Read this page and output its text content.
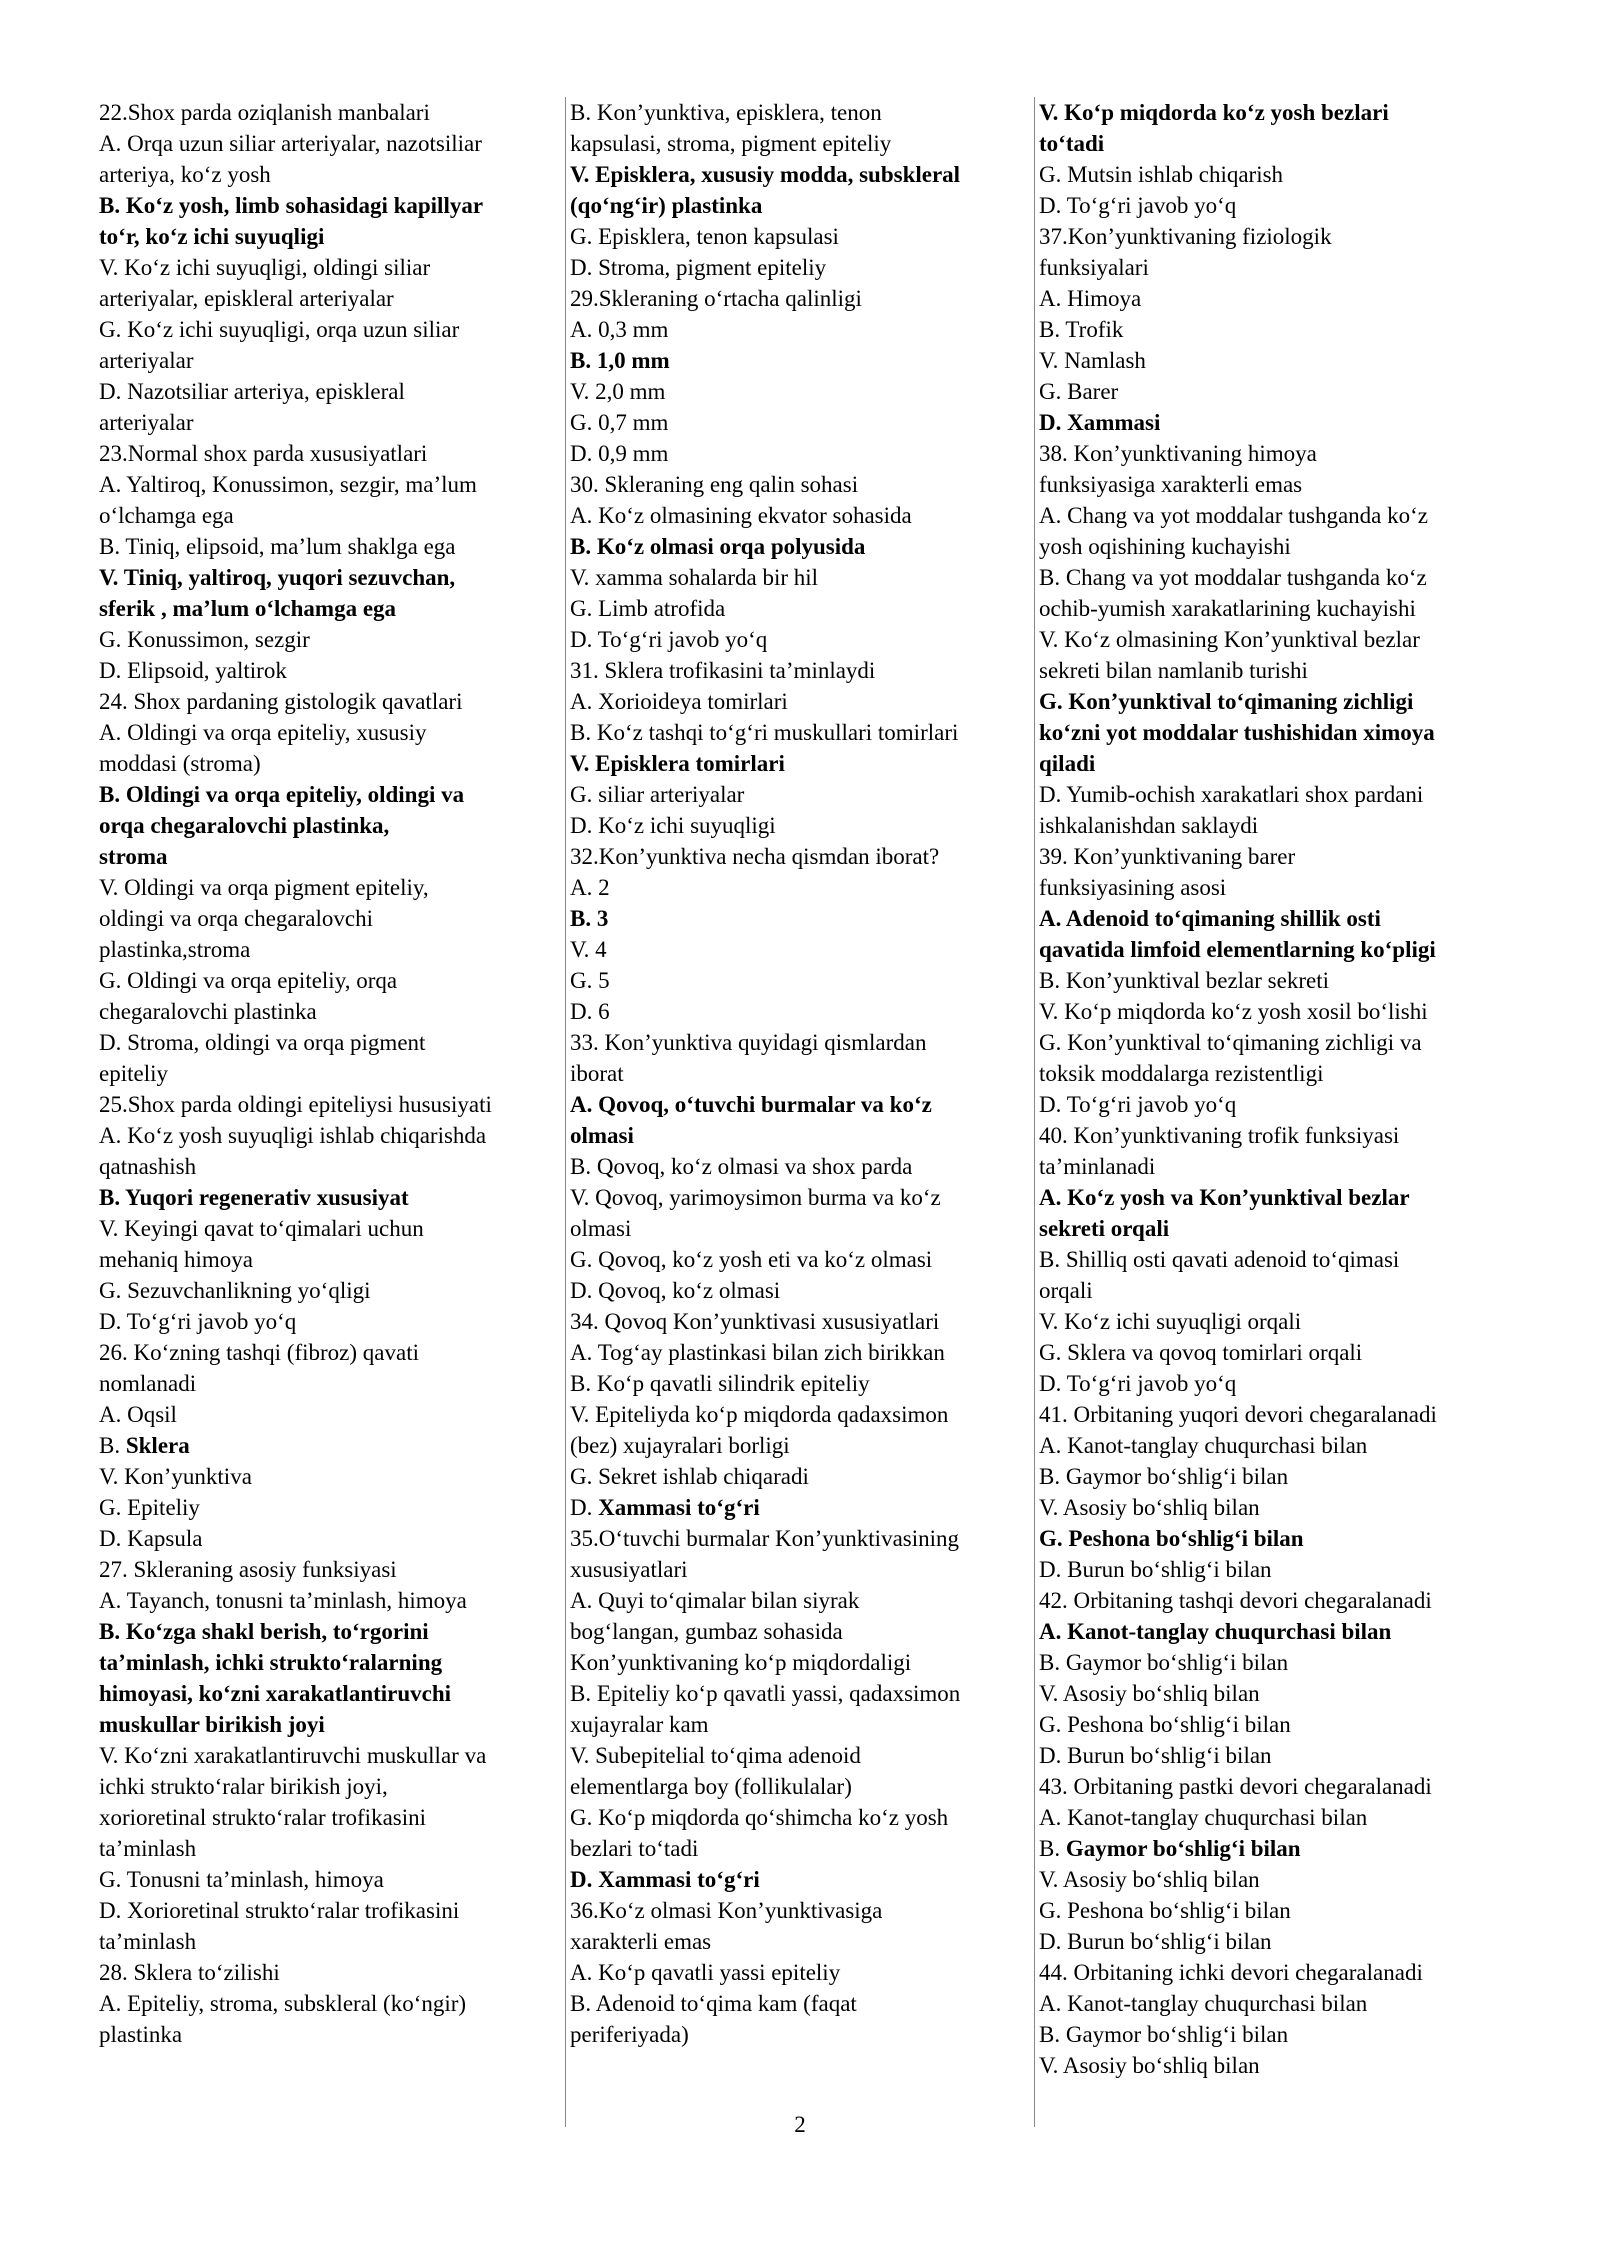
22.Shox parda oziqlanish manbalari

A. Orqa uzun siliar arteriyalar, nazotsiliar

arteriya, koʻz yosh

B. Koʻz yosh, limb sohasidagi kapillyar

toʻr, koʻz ichi suyuqligi

V. Koʻz ichi suyuqligi, oldingi siliar

arteriyalar, episkleral arteriyalar

G. Koʻz ichi suyuqligi, orqa uzun siliar

arteriyalar

D. Nazotsiliar arteriya, episkleral

arteriyalar

23.Normal shox parda xususiyatlari

A. Yaltiroq, Konussimon, sezgir, ma’lum

oʻlchamga ega

B. Tiniq, elipsoid, ma’lum shaklga ega

V. Tiniq, yaltiroq, yuqori sezuvchan,

sferik , ma’lum oʻlchamga ega

G. Konussimon, sezgir

D. Elipsoid, yaltirok

24. Shox pardaning gistologik qavatlari

A. Oldingi va orqa epiteliy, xususiy

moddasi (stroma)

B. Oldingi va orqa epiteliy, oldingi va

orqa chegaralovchi plastinka,

stroma

V. Oldingi va orqa pigment epiteliy,

oldingi va orqa chegaralovchi

plastinka,stroma

G. Oldingi va orqa epiteliy, orqa

chegaralovchi plastinka

D. Stroma, oldingi va orqa pigment

epiteliy

25.Shox parda oldingi epiteliysi hususiyati

A. Koʻz yosh suyuqligi ishlab chiqarishda

qatnashish

B. Yuqori regenerativ xususiyat

V. Keyingi qavat toʻqimalari uchun

mehaniq himoya

G. Sezuvchanlikning yoʻqligi

D. Toʻgʻri javob yoʻq

26. Koʻzning tashqi (fibroz) qavati

nomlanadi

A. Oqsil

B. Sklera

V. Kon’yunktiva

G. Epiteliy

D. Kapsula

27. Skleraning asosiy funksiyasi

A. Tayanch, tonusni ta’minlash, himoya

B. Koʻzga shakl berish, toʻrgorini

ta’minlash, ichki struktoʻralarning

himoyasi, koʻzni xarakatlantiruvchi

muskullar birikish joyi

V. Koʻzni xarakatlantiruvchi muskullar va

ichki struktoʻralar birikish joyi,

xorioretinal struktoʻralar trofikasini

ta’minlash

G. Tonusni ta’minlash, himoya

D. Xorioretinal struktoʻralar trofikasini

ta’minlash

28. Sklera toʻzilishi

A. Epiteliy, stroma, subskleral (koʻngir)

plastinka

B. Kon’yunktiva, episklera, tenon

kapsulasi, stroma, pigment epiteliy

V. Episklera, xususiy modda, subskleral

(qoʻngʻir) plastinka

G. Episklera, tenon kapsulasi

D. Stroma, pigment epiteliy

29.Skleraning oʻrtacha qalinligi

A. 0,3 mm

B. 1,0 mm

V. 2,0 mm

G. 0,7 mm

D. 0,9 mm

30. Skleraning eng qalin sohasi

A. Koʻz olmasining ekvator sohasida

B. Koʻz olmasi orqa polyusida

V. xamma sohalarda bir hil

G. Limb atrofida

D. Toʻgʻri javob yoʻq

31. Sklera trofikasini ta’minlaydi

A. Xorioideya tomirlari

B. Koʻz tashqi toʻgʻri muskullari tomirlari

V. Episklera tomirlari

G. siliar arteriyalar

D. Koʻz ichi suyuqligi

32.Kon’yunktiva necha qismdan iborat?

A. 2

B. 3

V. 4

G. 5

D. 6

33. Kon’yunktiva quyidagi qismlardan

iborat

A. Qovoq, oʻtuvchi burmalar va koʻz

olmasi

B. Qovoq, koʻz olmasi va shox parda

V. Qovoq, yarimoysimon burma va koʻz

olmasi

G. Qovoq, koʻz yosh eti va koʻz olmasi

D. Qovoq, koʻz olmasi

34. Qovoq Kon’yunktivasi xususiyatlari

A. Togʻay plastinkasi bilan zich birikkan

B. Koʻp qavatli silindrik epiteliy

V. Epiteliyda koʻp miqdorda qadaxsimon

(bez) xujayralari borligi

G. Sekret ishlab chiqaradi

D. Xammasi toʻgʻri

35.Oʻtuvchi burmalar Kon’yunktivasining

xususiyatlari

A. Quyi toʻqimalar bilan siyrak

bogʻlangan, gumbaz sohasida

Kon’yunktivaning koʻp miqdordaligi

B. Epiteliy koʻp qavatli yassi, qadaxsimon

xujayralar kam

V. Subepitelial toʻqima adenoid

elementlarga boy (follikulalar)

G. Koʻp miqdorda qoʻshimcha koʻz yosh

bezlari toʻtadi

D. Xammasi toʻgʻri

36.Koʻz olmasi Kon’yunktivasiga

xarakterli emas

A. Koʻp qavatli yassi epiteliy

B. Adenoid toʻqima kam (faqat

periferiyada)

V. Koʻp miqdorda koʻz yosh bezlari

toʻtadi

G. Mutsin ishlab chiqarish

D. Toʻgʻri javob yoʻq

37.Kon’yunktivaning fiziologik

funksiyalari

A. Himoya

B. Trofik

V. Namlash

G. Barer

D. Xammasi

38. Kon’yunktivaning himoya

funksiyasiga xarakterli emas

A. Chang va yot moddalar tushganda koʻz

yosh oqishining kuchayishi

B. Chang va yot moddalar tushganda koʻz

ochib-yumish xarakatlarining kuchayishi

V. Koʻz olmasining Kon’yunktival bezlar

sekreti bilan namlanib turishi

G. Kon’yunktival toʻqimaning zichligi

koʻzni yot moddalar tushishidan ximoya

qiladi

D. Yumib-ochish xarakatlari shox pardani

ishkalanishdan saklaydi

39. Kon’yunktivaning barer

funksiyasining asosi

A. Adenoid toʻqimaning shillik osti

qavatida limfoid elementlarning koʻpligi

B. Kon’yunktival bezlar sekreti

V. Koʻp miqdorda koʻz yosh xosil boʻlishi

G. Kon’yunktival toʻqimaning zichligi va

toksik moddalarga rezistentligi

D. Toʻgʻri javob yoʻq

40. Kon’yunktivaning trofik funksiyasi

ta’minlanadi

A. Koʻz yosh va Kon’yunktival bezlar

sekreti orqali

B. Shilliq osti qavati adenoid toʻqimasi

orqali

V. Koʻz ichi suyuqligi orqali

G. Sklera va qovoq tomirlari orqali

D. Toʻgʻri javob yoʻq

41. Orbitaning yuqori devori chegaralanadi

A. Kanot-tanglay chuqurchasi bilan

B. Gaymor boʻshligʻi bilan

V. Asosiy boʻshliq bilan

G. Peshona boʻshligʻi bilan

D. Burun boʻshligʻi bilan

42. Orbitaning tashqi devori chegaralanadi

A. Kanot-tanglay chuqurchasi bilan

B. Gaymor boʻshligʻi bilan

V. Asosiy boʻshliq bilan

G. Peshona boʻshligʻi bilan

D. Burun boʻshligʻi bilan

43. Orbitaning pastki devori chegaralanadi

A. Kanot-tanglay chuqurchasi bilan

B. Gaymor boʻshligʻi bilan

V. Asosiy boʻshliq bilan

G. Peshona boʻshligʻi bilan

D. Burun boʻshligʻi bilan

44. Orbitaning ichki devori chegaralanadi

A. Kanot-tanglay chuqurchasi bilan

B. Gaymor boʻshligʻi bilan

V. Asosiy boʻshliq bilan

2
